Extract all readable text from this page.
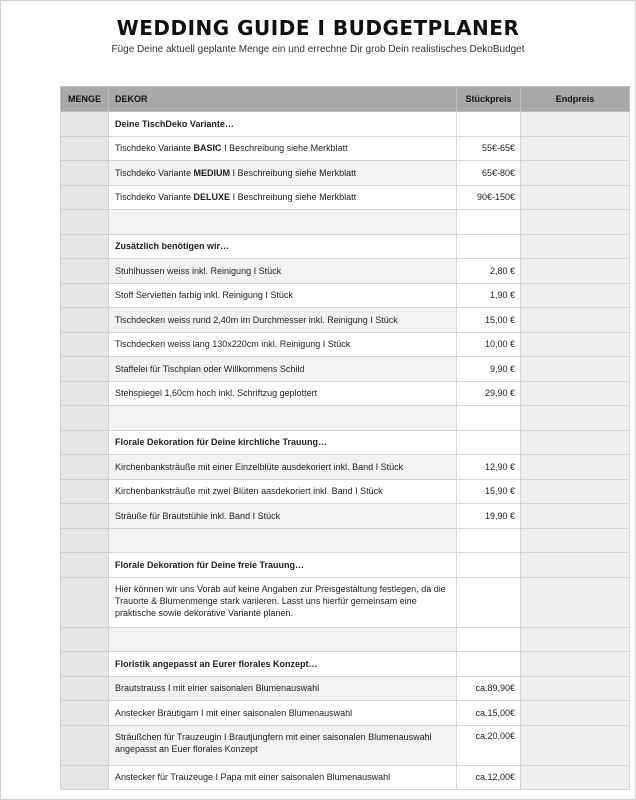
WEDDING GUIDE I BUDGETPLANER
Füge Deine aktuell geplante Menge ein und errechne Dir grob Dein realistisches DekoBudget
MENGE	DEKOR	Stückpreis	Endpreis
	Deine TischDeko Variante…		
	Tischdeko Variante BASIC I Beschreibung siehe Merkblatt	55€-65€	
	Tischdeko Variante MEDIUM I Beschreibung siehe Merkblatt	65€-80€	
	Tischdeko Variante DELUXE I Beschreibung siehe Merkblatt	90€-150€	

	Zusätzlich benötigen wir…		
	Stuhlhussen weiss inkl. Reinigung I Stück	2,80 €	
	Stoff Servietten farbig inkl. Reinigung I Stück	1,90 €	
	Tischdecken weiss rund 2,40m im Durchmesser inkl. Reinigung I Stück	15,00 €	
	Tischdecken weiss lang 130x220cm inkl. Reinigung I Stück	10,00 €	
	Staffelei für Tischplan oder Willkommens Schild	9,90 €	
	Stehspiegel 1,60cm hoch inkl. Schriftzug geplottert	29,90 €	

	Florale Dekoration für Deine kirchliche Trauung…		
	Kirchenbanksträuße mit einer Einzelblüte ausdekoriert inkl. Band I Stück	12,90 €	
	Kirchenbanksträuße mit zwei Blüten aasdekoriert inkl. Band I Stück	15,90 €	
	Sträuße für Brautstühle inkl. Band I Stück	19,90 €	

	Florale Dekoration für Deine freie Trauung…		
	Hier können wir uns Vorab auf keine Angaben zur Preisgestaltung festlegen, da die Trauorte & Blumenmenge stark variieren. Lasst uns hierfür gemeinsam eine praktische sowie dekorative Variante planen.		

	Floristik angepasst an Eurer florales Konzept…		
	Brautstrauss I mit einer saisonalen Blumenauswahl	ca.89,90€	
	Anstecker Bräutigam I mit einer saisonalen Blumenauswahl	ca.15,00€	
	Sträußchen für Trauzeugin I Brautjungfern mit einer saisonalen Blumenauswahl angepasst an Euer florales Konzept	ca.20,00€	
	Anstecker für Trauzeuge I Papa mit einer saisonalen Blumenauswahl	ca.12,00€	
